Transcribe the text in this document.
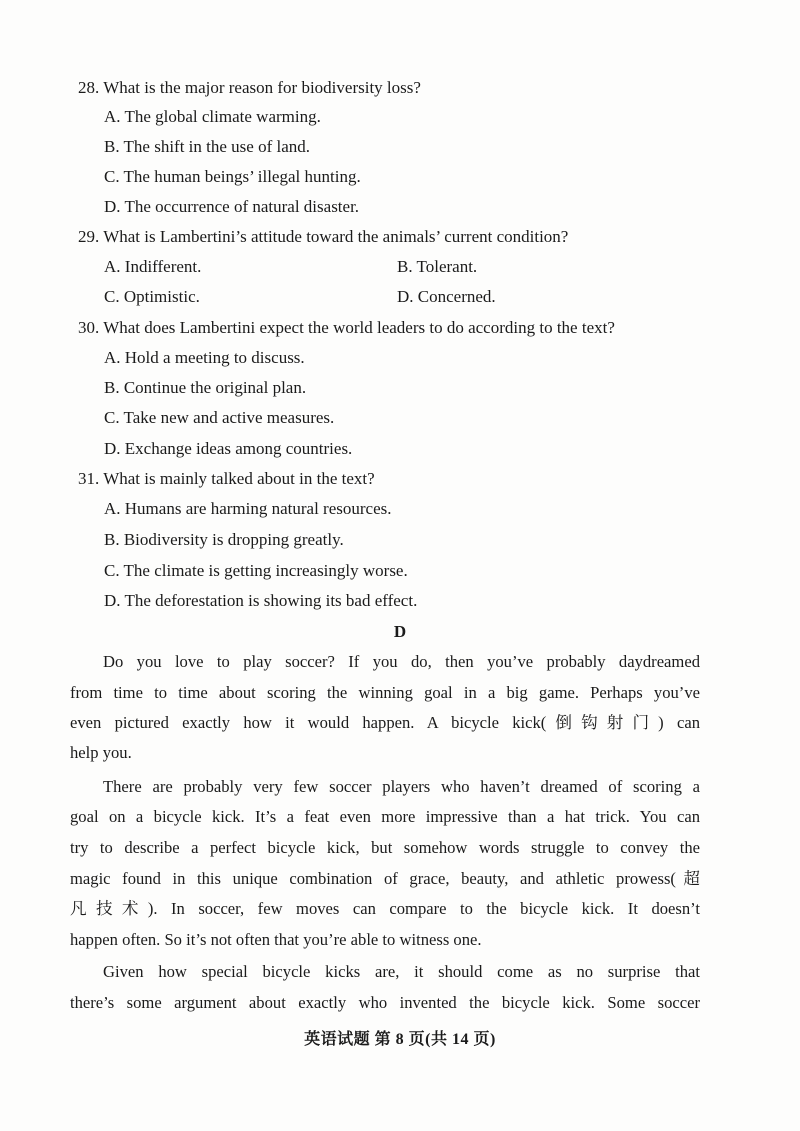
28. What is the major reason for biodiversity loss?
A. The global climate warming.
B. The shift in the use of land.
C. The human beings’ illegal hunting.
D. The occurrence of natural disaster.
29. What is Lambertini’s attitude toward the animals’ current condition?
A. Indifferent.	B. Tolerant.
C. Optimistic.	D. Concerned.
30. What does Lambertini expect the world leaders to do according to the text?
A. Hold a meeting to discuss.
B. Continue the original plan.
C. Take new and active measures.
D. Exchange ideas among countries.
31. What is mainly talked about in the text?
A. Humans are harming natural resources.
B. Biodiversity is dropping greatly.
C. The climate is getting increasingly worse.
D. The deforestation is showing its bad effect.
D
Do you love to play soccer? If you do, then you’ve probably daydreamed
from time to time about scoring the winning goal in a big game. Perhaps you’ve
even pictured exactly how it would happen. A bicycle kick(倒钩射门) can
help you.
There are probably very few soccer players who haven’t dreamed of scoring a
goal on a bicycle kick. It’s a feat even more impressive than a hat trick. You can
try to describe a perfect bicycle kick, but somehow words struggle to convey the
magic found in this unique combination of grace, beauty, and athletic prowess(超
凡技术). In soccer, few moves can compare to the bicycle kick. It doesn’t
happen often. So it’s not often that you’re able to witness one.
Given how special bicycle kicks are, it should come as no surprise that
there’s some argument about exactly who invented the bicycle kick. Some soccer
英语试题 第 8 页(共 14 页)
